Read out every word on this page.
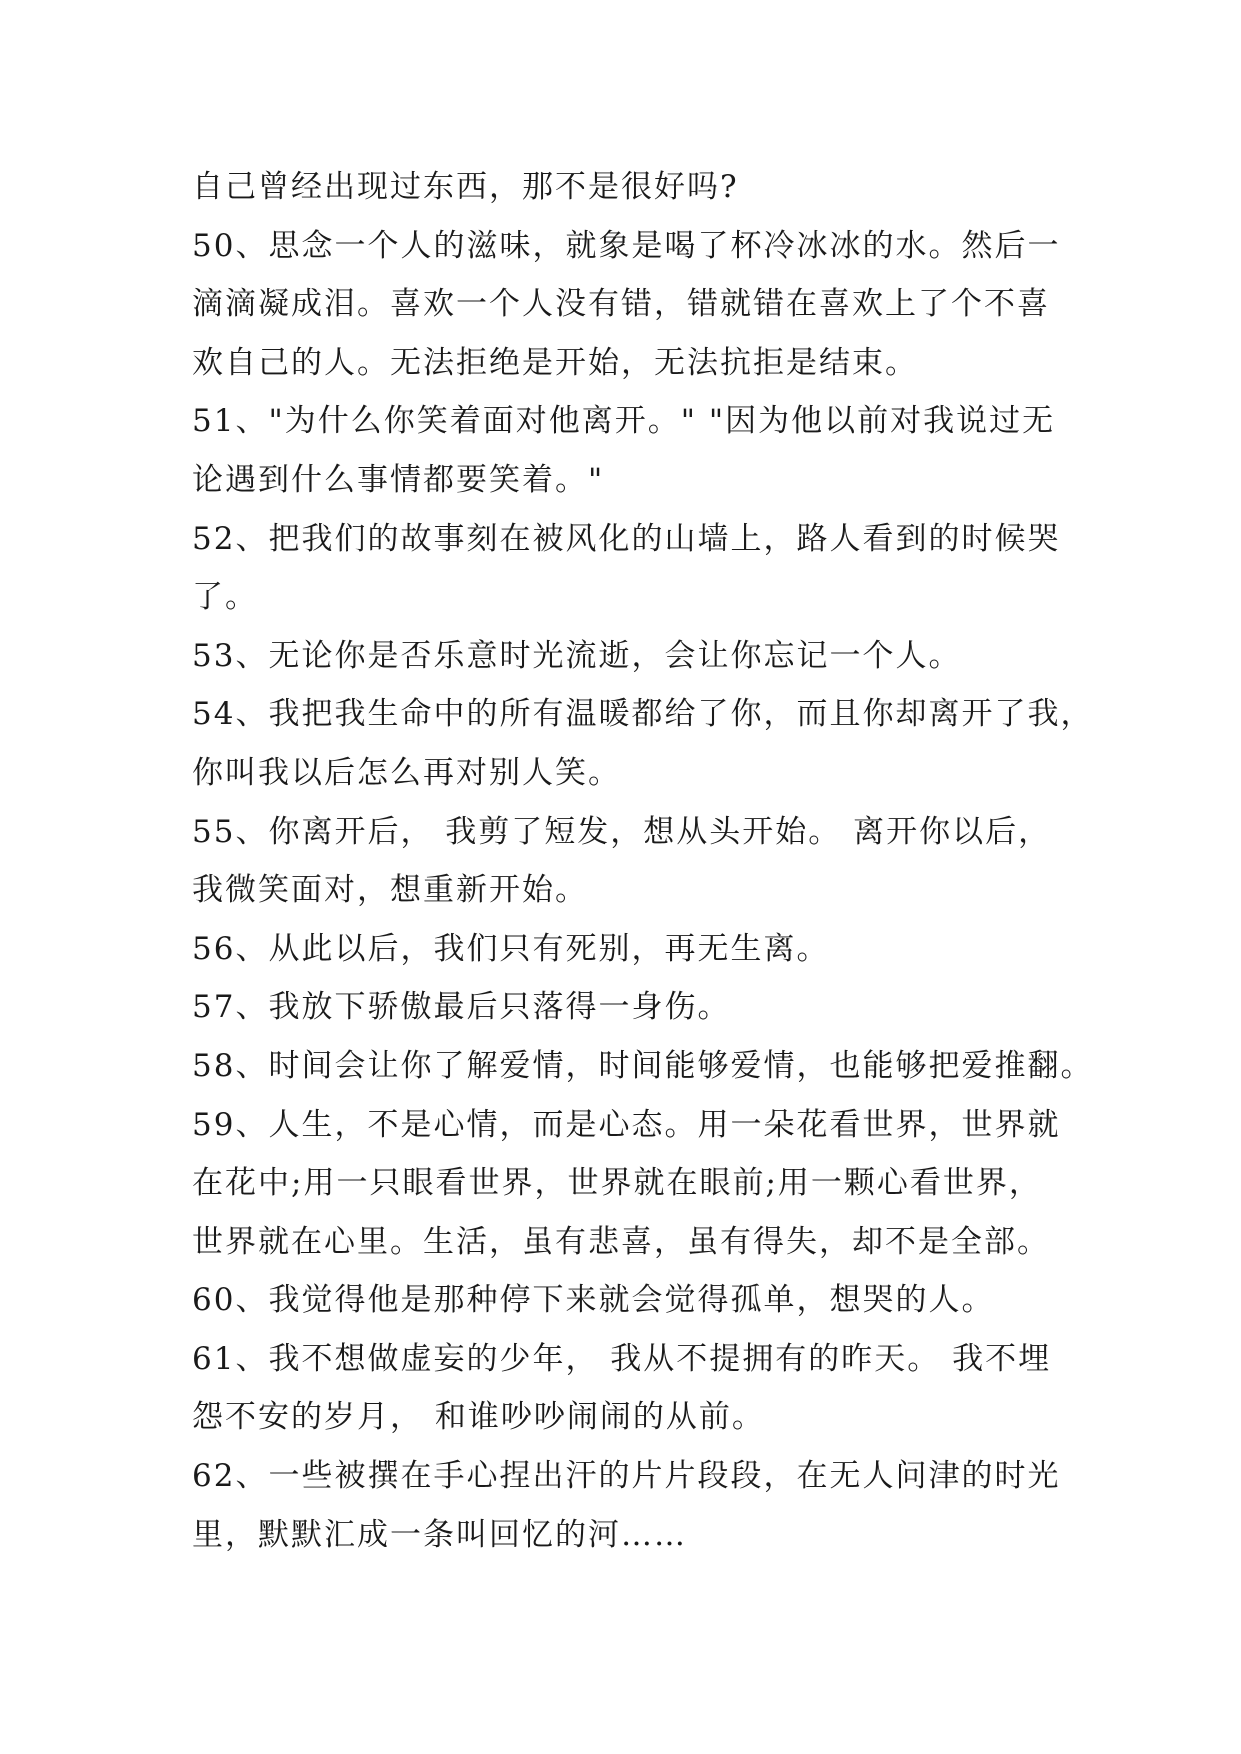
自己曾经出现过东西，那不是很好吗?
50、思念一个人的滋味，就象是喝了杯冷冰冰的水。然后一
滴滴凝成泪。喜欢一个人没有错，错就错在喜欢上了个不喜
欢自己的人。无法拒绝是开始，无法抗拒是结束。
51、"为什么你笑着面对他离开。" "因为他以前对我说过无
论遇到什么事情都要笑着。"
52、把我们的故事刻在被风化的山墙上，路人看到的时候哭
了。
53、无论你是否乐意时光流逝，会让你忘记一个人。
54、我把我生命中的所有温暖都给了你，而且你却离开了我，
你叫我以后怎么再对别人笑。
55、你离开后， 我剪了短发，想从头开始。 离开你以后，
我微笑面对，想重新开始。
56、从此以后，我们只有死别，再无生离。
57、我放下骄傲最后只落得一身伤。
58、时间会让你了解爱情，时间能够爱情，也能够把爱推翻。
59、人生，不是心情，而是心态。用一朵花看世界，世界就
在花中;用一只眼看世界，世界就在眼前;用一颗心看世界，
世界就在心里。生活，虽有悲喜，虽有得失，却不是全部。
60、我觉得他是那种停下来就会觉得孤单，想哭的人。
61、我不想做虚妄的少年， 我从不提拥有的昨天。 我不埋
怨不安的岁月， 和谁吵吵闹闹的从前。
62、一些被撰在手心捏出汗的片片段段，在无人问津的时光
里，默默汇成一条叫回忆的河……
